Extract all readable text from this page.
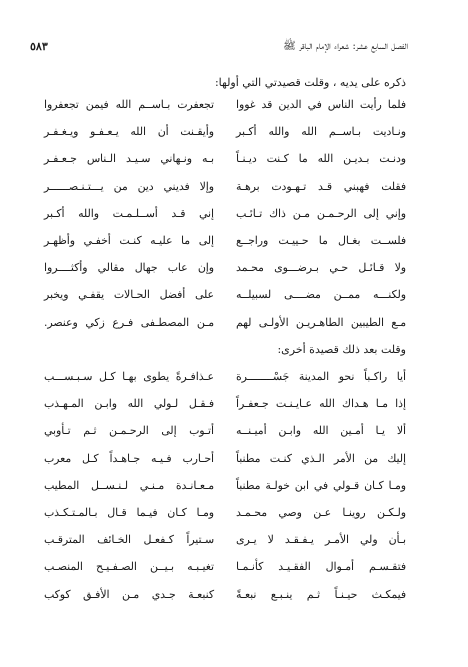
الفصل السابع عشر: شعراء الإمام الباقر ﷺ
٥٨٣
ذكره على يديه ، وقلت قصيدتي التي أولها:
فلما رأيت الناس في الدين قد غووا
تجعفرت بـاســم الله فيمن تجعفروا
ونـاديت بـاســم الله والله أكـبر
وأيقـنت أن الله يـعـفـو ويـغـفـر
ودنـت بـديـن الله ما كـنت ديـنـاً
بـه ونـهاني سـيـد الـناس جـعـفـر
فقلت فهبني قـد تـهـودت برهـة
وإلا فديني دين من يـــتـنـصــــــر
وإني إلى الرحـمـن مـن ذاك تـائـب
إني قـد أســلـمـت والله أكـبر
فلســت بغـال ما حـييـت وراجــع
إلى ما عليـه كنـت أخفـي وأظهـر
ولا قـائـل حـي بـرضـــوى محـمد
وإن عاب جهال مقالي وأكثــــروا
ولكنـــه ممــن مضــــى لسبيلــه
على أفضل الحـالات يقفـي ويخبر
مـع الطيبين الطاهـريـن الأولـى لهم
مـن المصطـفى فـرع زكي وعنصر.
وقلت بعد ذلك قصيدة أخرى:
أيا راكـباً نحو المدينة جَسْــــــــرة
عـذافـرةً يطوى بهـا كـل سـبـســـب
إذا مـا هـداك الله عـايـنـت جـعفـراً
فـقـل لـولي الله وابـن المـهـذب
ألا يـا أمـين الله وابـن أميـنــه
أتـوب إلى الرحـمـن ثـم تـأوبي
إليك من الأمر الـذي كنـت مطنباً
أحـارب فـيـه جـاهـداً كـل معرب
ومـا كـان قـولي في ابن خولـة مطنباً
مـعـانـدة مـنـي لـنـســل المطيب
ولـكـن روينـا عـن وصي محـمـد
ومـا كـان فيـما قـال بـالمـتـكـذب
بـأن ولي الأمـر يـفـقـد لا يـرى
سـتيراً كـفعـل الخـائف المترقـب
فتقـسـم أمـوال الفقـيـد كأنـمـا
تغيـبـه بـيــن الصـفـيـح المنصـب
فيمكـث حيـنـاً ثـم ينـبـع نبعـةً
كنبعـة جـدي مـن الأفـق كوكب
